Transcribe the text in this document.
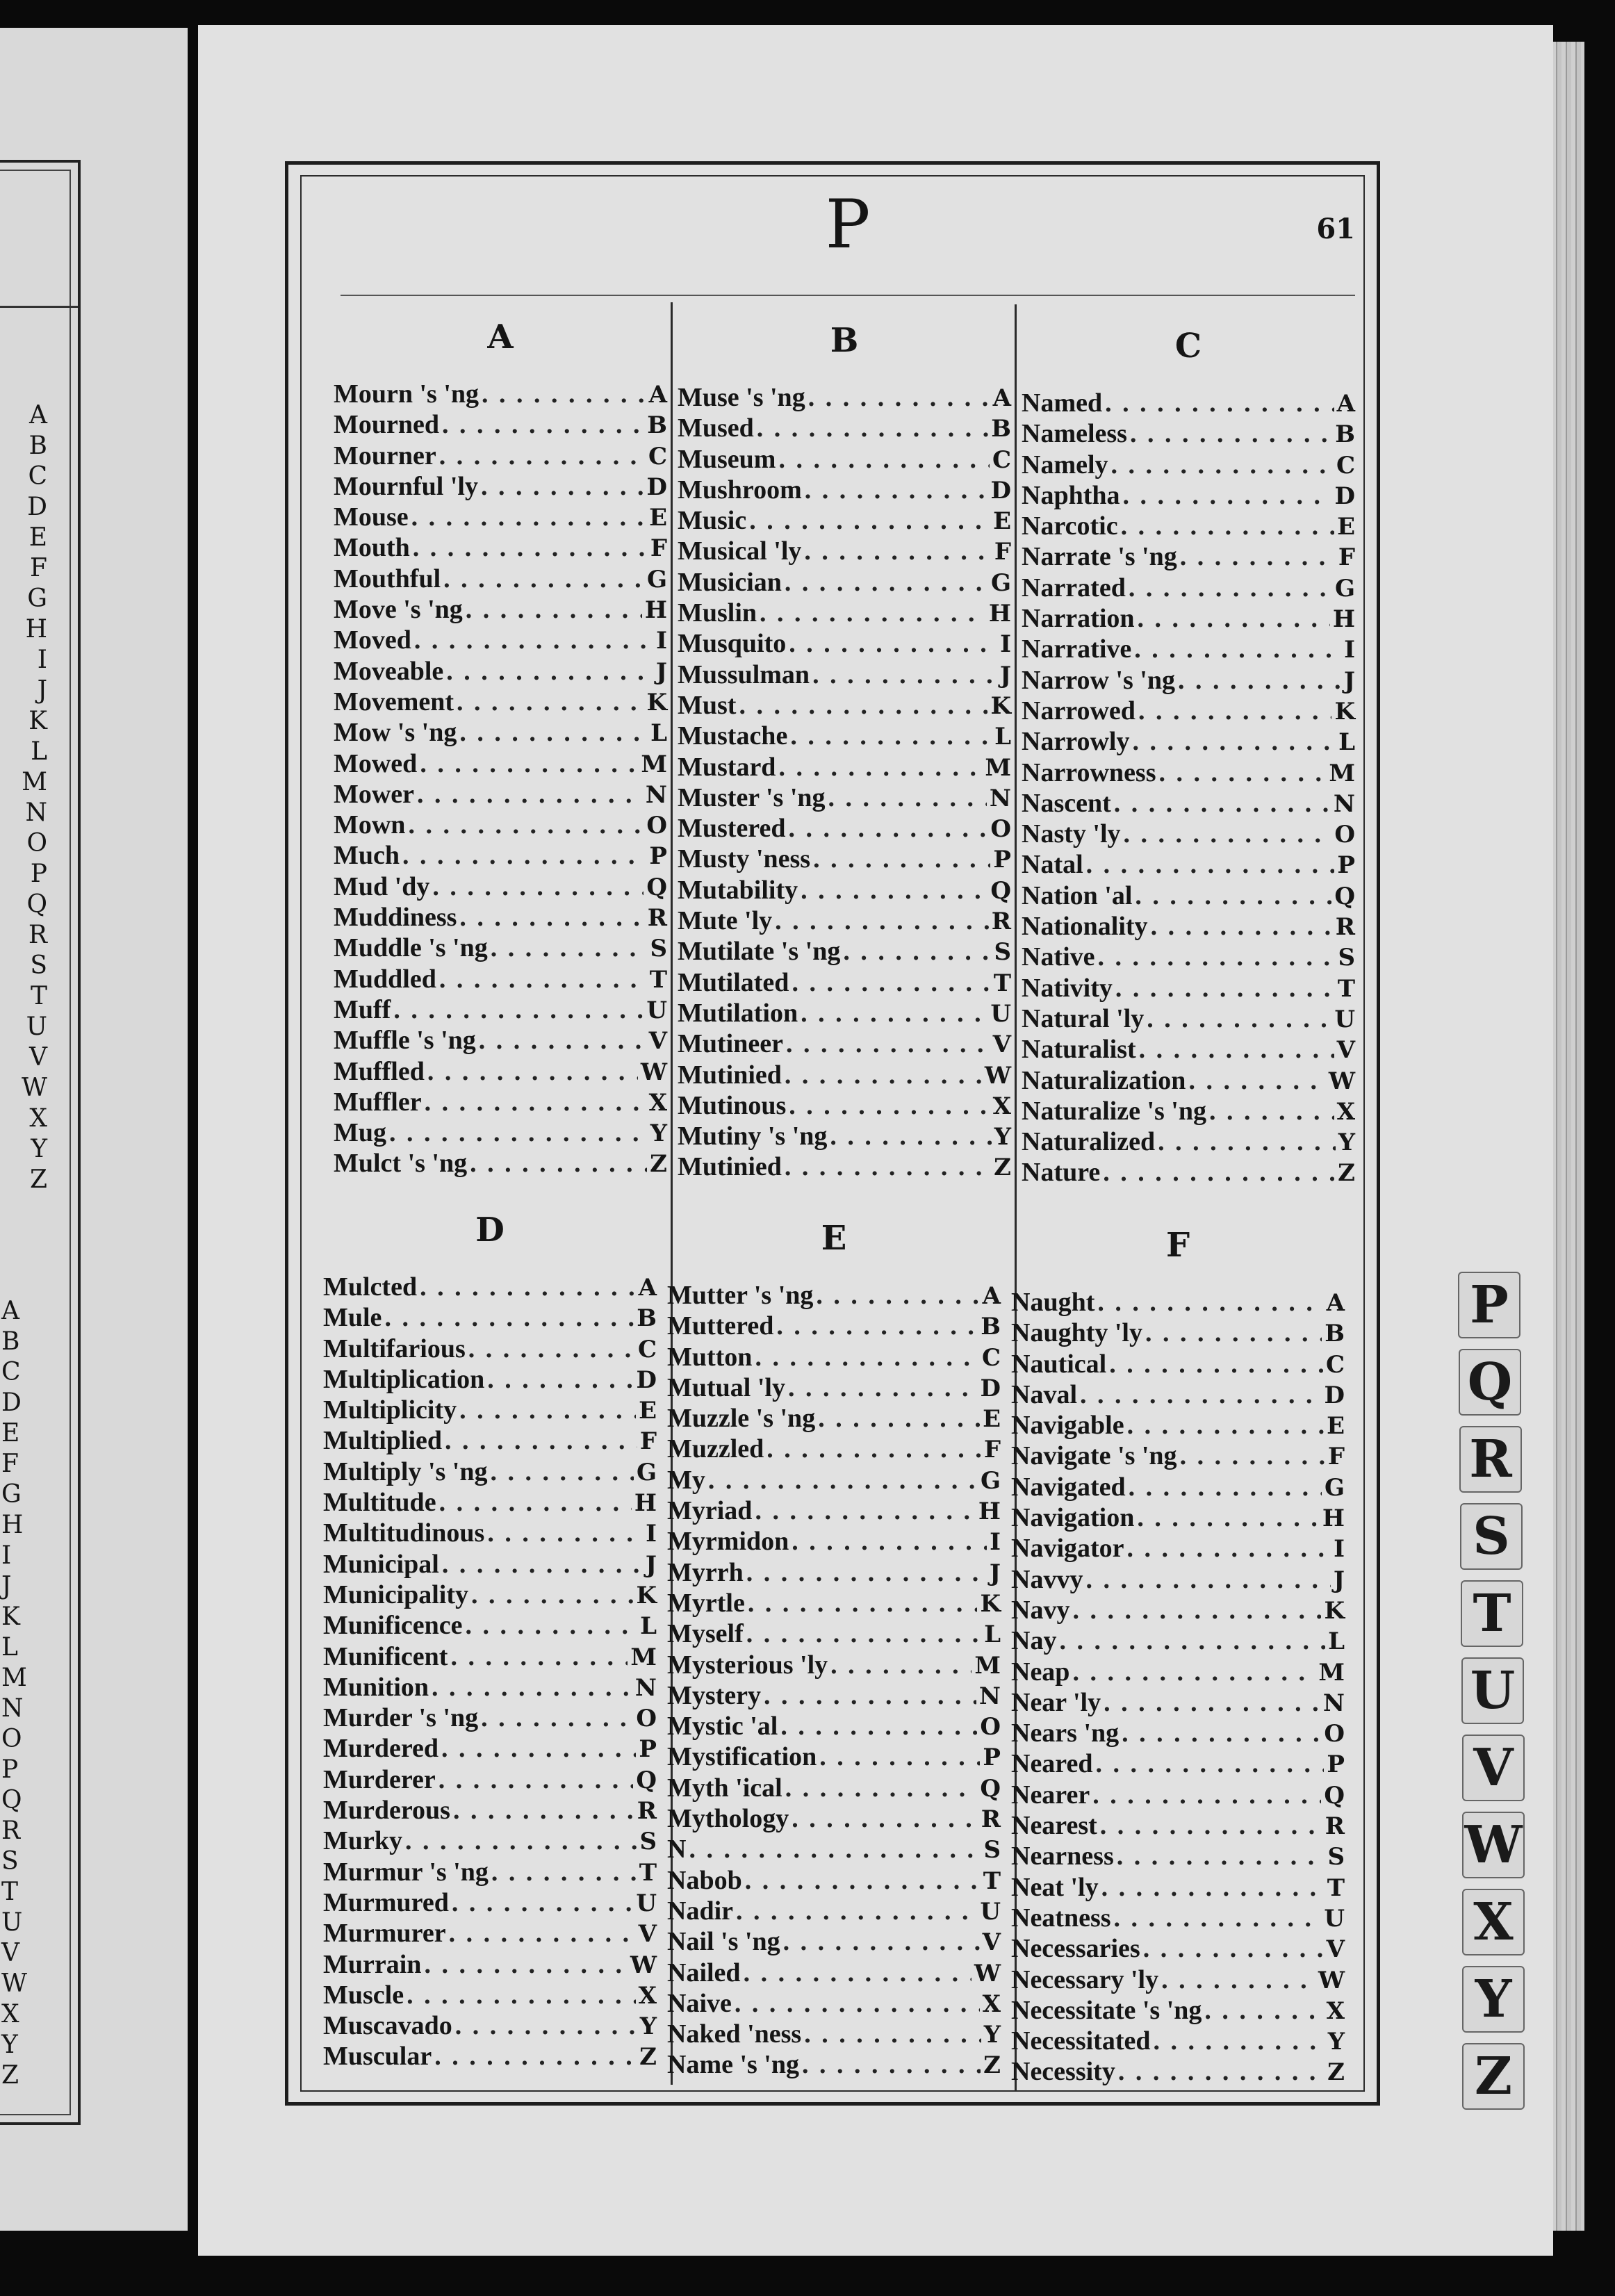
A
B
C
D
E
F
G
H
I
J
K
L
M
N
O
P
Q
R
S
T
U
V
W
X
Y
Z
A
B
C
D
E
F
G
H
I
J
K
L
M
N
O
P
Q
R
S
T
U
V
W
X
Y
Z
P	61
A
Mourn 's 'ng . . .	A
Mourned . . .	B
Mourner . . .	C
Mournful 'ly . . .	D
Mouse . . .	E
Mouth . . .	F
Mouthful . . .	G
Move 's 'ng . . .	H
Moved . . .	I
Moveable . . .	J
Movement . . .	K
Mow 's 'ng . . .	L
Mowed . . .	M
Mower . . .	N
Mown . . .	O
Much . . .	P
Mud 'dy . . .	Q
Muddiness . . .	R
Muddle 's 'ng . . .	S
Muddled . . .	T
Muff . . .	U
Muffle 's 'ng . . .	V
Muffled . . .	W
Muffler . . .	X
Mug . . .	Y
Mulct 's 'ng . . .	Z
B
Muse 's 'ng . . .	A
Mused . . .	B
Museum . . .	C
Mushroom . . .	D
Music . . .	E
Musical 'ly . . .	F
Musician . . .	G
Muslin . . .	H
Musquito . . .	I
Mussulman . . .	J
Must . . .	K
Mustache . . .	L
Mustard . . .	M
Muster 's 'ng . . .	N
Mustered . . .	O
Musty 'ness . . .	P
Mutability . . .	Q
Mute 'ly . . .	R
Mutilate 's 'ng . . .	S
Mutilated . . .	T
Mutilation . . .	U
Mutineer . . .	V
Mutinied . . .	W
Mutinous . . .	X
Mutiny 's 'ng . . .	Y
Mutinied . . .	Z
C
Named . . .	A
Nameless . . .	B
Namely . . .	C
Naphtha . . .	D
Narcotic . . .	E
Narrate 's 'ng . . .	F
Narrated . . .	G
Narration . . .	H
Narrative . . .	I
Narrow 's 'ng . . .	J
Narrowed . . .	K
Narrowly . . .	L
Narrowness . . .	M
Nascent . . .	N
Nasty 'ly . . .	O
Natal . . .	P
Nation 'al . . .	Q
Nationality . . .	R
Native . . .	S
Nativity . . .	T
Natural 'ly . . .	U
Naturalist . . .	V
Naturalization . . .	W
Naturalize 's 'ng . . .	X
Naturalized . . .	Y
Nature . . .	Z
D
Mulcted . . .	A
Mule . . .	B
Multifarious . . .	C
Multiplication . . .	D
Multiplicity . . .	E
Multiplied . . .	F
Multiply 's 'ng . . .	G
Multitude . . .	H
Multitudinous . . .	I
Municipal . . .	J
Municipality . . .	K
Munificence . . .	L
Munificent . . .	M
Munition . . .	N
Murder 's 'ng . . .	O
Murdered . . .	P
Murderer . . .	Q
Murderous . . .	R
Murky . . .	S
Murmur 's 'ng . . .	T
Murmured . . .	U
Murmurer . . .	V
Murrain . . .	W
Muscle . . .	X
Muscavado . . .	Y
Muscular . . .	Z
E
Mutter 's 'ng . . .	A
Muttered . . .	B
Mutton . . .	C
Mutual 'ly . . .	D
Muzzle 's 'ng . . .	E
Muzzled . . .	F
My . . .	G
Myriad . . .	H
Myrmidon . . .	I
Myrrh . . .	J
Myrtle . . .	K
Myself . . .	L
Mysterious 'ly . . .	M
Mystery . . .	N
Mystic 'al . . .	O
Mystification . . .	P
Myth 'ical . . .	Q
Mythology . . .	R
N . . .	S
Nabob . . .	T
Nadir . . .	U
Nail 's 'ng . . .	V
Nailed . . .	W
Naive . . .	X
Naked 'ness . . .	Y
Name 's 'ng . . .	Z
F
Naught . . .	A
Naughty 'ly . . .	B
Nautical . . .	C
Naval . . .	D
Navigable . . .	E
Navigate 's 'ng . . .	F
Navigated . . .	G
Navigation . . .	H
Navigator . . .	I
Navvy . . .	J
Navy . . .	K
Nay . . .	L
Neap . . .	M
Near 'ly . . .	N
Nears 'ng . . .	O
Neared . . .	P
Nearer . . .	Q
Nearest . . .	R
Nearness . . .	S
Neat 'ly . . .	T
Neatness . . .	U
Necessaries . . .	V
Necessary 'ly . . .	W
Necessitate 's 'ng . . .	X
Necessitated . . .	Y
Necessity . . .	Z
P
Q
R
S
T
U
V
W
X
Y
Z
